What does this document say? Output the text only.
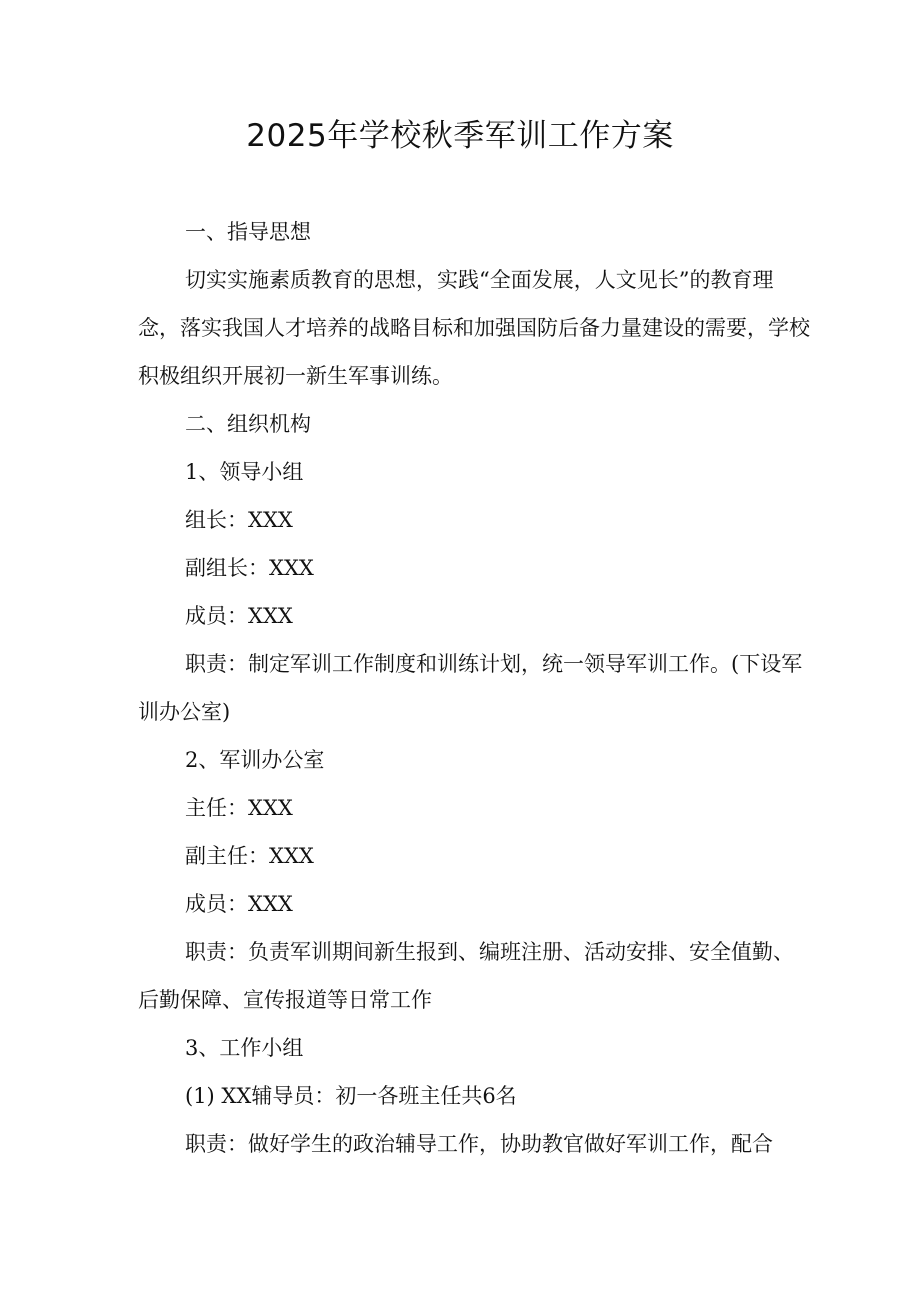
2025年学校秋季军训工作方案

一、指导思想

切实实施素质教育的思想，实践“全面发展，人文见长”的教育理念，落实我国人才培养的战略目标和加强国防后备力量建设的需要，学校积极组织开展初一新生军事训练。

二、组织机构

1、领导小组

组长：XXX

副组长：XXX

成员：XXX

职责：制定军训工作制度和训练计划，统一领导军训工作。(下设军训办公室)

2、军训办公室

主任：XXX

副主任：XXX

成员：XXX

职责：负责军训期间新生报到、编班注册、活动安排、安全值勤、后勤保障、宣传报道等日常工作

3、工作小组

(1) XX辅导员：初一各班主任共6名

职责：做好学生的政治辅导工作，协助教官做好军训工作，配合
